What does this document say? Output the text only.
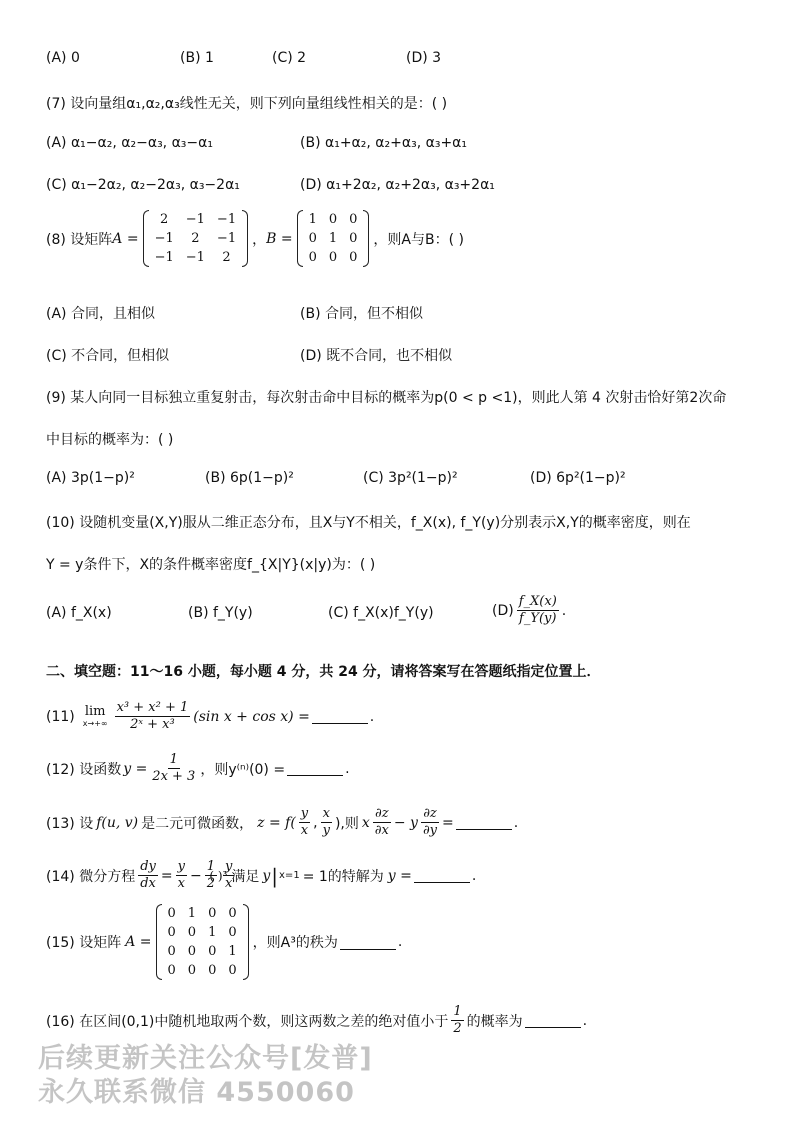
(A) 0	(B) 1	(C) 2	(D) 3
(7) 设向量组α₁,α₂,α₃线性无关，则下列向量组线性相关的是：( )
(A) α₁−α₂, α₂−α₃, α₃−α₁	(B) α₁+α₂, α₂+α₃, α₃+α₁
(C) α₁−2α₂, α₂−2α₃, α₃−2α₁	(D) α₁+2α₂, α₂+2α₃, α₃+2α₁
(8) 设矩阵 A =
2	−1	−1
−1	2	−1
−1	−1	2
， B =
1	0	0
0	1	0
0	0	0
，则A与B：( )
(A) 合同，且相似	(B) 合同，但不相似
(C) 不合同，但相似	(D) 既不合同，也不相似
(9) 某人向同一目标独立重复射击，每次射击命中目标的概率为p(0 < p <1)，则此人第 4 次射击恰好第2次命
中目标的概率为：( )
(A) 3p(1−p)²	(B) 6p(1−p)²	(C) 3p²(1−p)²	(D) 6p²(1−p)²
(10) 设随机变量(X,Y)服从二维正态分布，且X与Y不相关，f_X(x), f_Y(y)分别表示X,Y的概率密度，则在
Y = y条件下，X的条件概率密度f_{X|Y}(x|y)为：( )
(A) f_X(x)	(B) f_Y(y)	(C) f_X(x)f_Y(y)	$(D) \frac{f\_X(x)}{f\_Y(y)}$ .
二、填空题：11～16 小题，每小题 4 分，共 24 分，请将答案写在答题纸指定位置上．
(11) lim
$x\to+\infty \frac{\text{x³ + x² + 1}}{\text{2ˣ + x³}} (\sin$ x + cos x) =	.
(12) 设函数 $y = \frac{1}{2x + 3}$ ，则y⁽ⁿ⁾(0) =	.
(13) 设 f(u, v) 是二元可微函数， $z = f( \frac{y}{x}$ , $\frac{x}{y}$ ),则 x $\frac{\partial z}{\partial x} - y \frac{\partial z}{\partial y}$ =	.
(14) 微分方程 $\frac{dy}{dx} = \frac{y}{x} - \frac{1}{2} \frac{y}{x}$
( )³ 满足 y | x=1 = 1的特解为 y =	.
(15) 设矩阵 A =
0	1	0	0
0	0	1	0
0	0	0	1
0	0	0	0
，则A³的秩为	.
(16) 在区间(0,1)中随机地取两个数，则这两数之差的绝对值小于 $\frac{1}{2}$ 的概率为	.
后续更新关注公众号[发普]
永久联系微信 4550060
